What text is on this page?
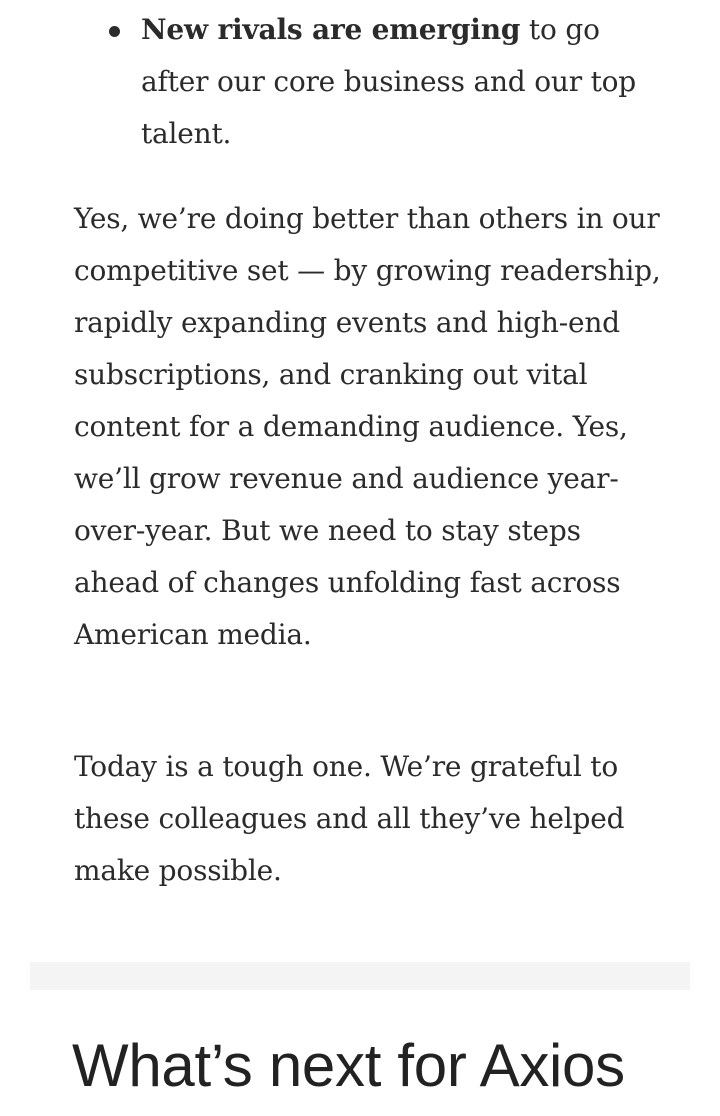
New rivals are emerging to go after our core business and our top talent.

Yes, we’re doing better than others in our competitive set — by growing readership, rapidly expanding events and high-end subscriptions, and cranking out vital content for a demanding audience. Yes, we’ll grow revenue and audience year-over-year. But we need to stay steps ahead of changes unfolding fast across American media.

Today is a tough one. We’re grateful to these colleagues and all they’ve helped make possible.

What’s next for Axios
